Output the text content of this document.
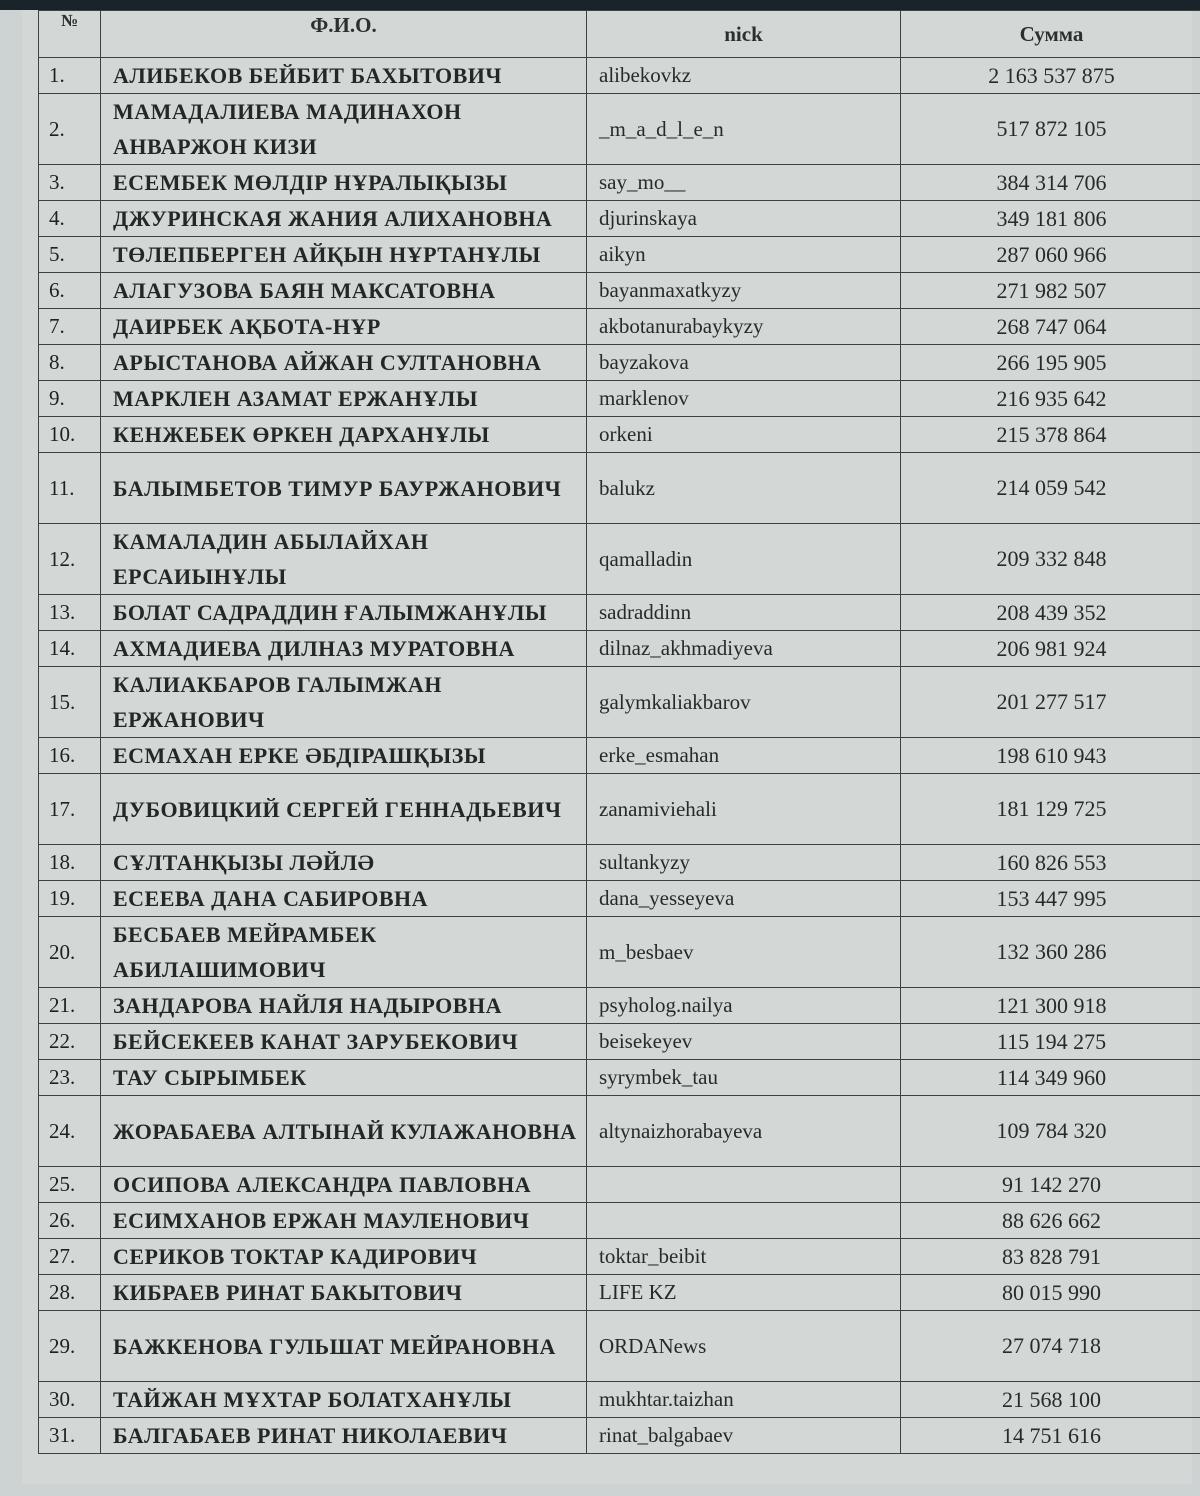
№	Ф.И.О.	nick	Сумма
1.	АЛИБЕКОВ БЕЙБИТ БАХЫТОВИЧ	alibekovkz	2 163 537 875
2.	МАМАДАЛИЕВА МАДИНАХОН АНВАРЖОН КИЗИ	_m_a_d_l_e_n	517 872 105
3.	ЕСЕМБЕК МӨЛДІР НҰРАЛЫҚЫЗЫ	say_mo__	384 314 706
4.	ДЖУРИНСКАЯ ЖАНИЯ АЛИХАНОВНА	djurinskaya	349 181 806
5.	ТӨЛЕПБЕРГЕН АЙҚЫН НҰРТАНҰЛЫ	aikyn	287 060 966
6.	АЛАГУЗОВА БАЯН МАКСАТОВНА	bayanmaxatkyzy	271 982 507
7.	ДАИРБЕК АҚБОТА-НҰР	akbotanurabaykyzy	268 747 064
8.	АРЫСТАНОВА АЙЖАН СУЛТАНОВНА	bayzakova	266 195 905
9.	МАРКЛЕН АЗАМАТ ЕРЖАНҰЛЫ	marklenov	216 935 642
10.	КЕНЖЕБЕК ӨРКЕН ДАРХАНҰЛЫ	orkeni	215 378 864
11.	БАЛЫМБЕТОВ ТИМУР БАУРЖАНОВИЧ	balukz	214 059 542
12.	КАМАЛАДИН АБЫЛАЙХАН ЕРСАИЫНҰЛЫ	qamalladin	209 332 848
13.	БОЛАТ САДРАДДИН ҒАЛЫМЖАНҰЛЫ	sadraddinn	208 439 352
14.	АХМАДИЕВА ДИЛНАЗ МУРАТОВНА	dilnaz_akhmadiyeva	206 981 924
15.	КАЛИАКБАРОВ ГАЛЫМЖАН ЕРЖАНОВИЧ	galymkaliakbarov	201 277 517
16.	ЕСМАХАН ЕРКЕ ӘБДІРАШҚЫЗЫ	erke_esmahan	198 610 943
17.	ДУБОВИЦКИЙ СЕРГЕЙ ГЕННАДЬЕВИЧ	zanamiviehali	181 129 725
18.	СҰЛТАНҚЫЗЫ ЛӘЙЛӘ	sultankyzy	160 826 553
19.	ЕСЕЕВА ДАНА САБИРОВНА	dana_yesseyeva	153 447 995
20.	БЕСБАЕВ МЕЙРАМБЕК АБИЛАШИМОВИЧ	m_besbaev	132 360 286
21.	ЗАНДАРОВА НАЙЛЯ НАДЫРОВНА	psyholog.nailya	121 300 918
22.	БЕЙСЕКЕЕВ КАНАТ ЗАРУБЕКОВИЧ	beisekeyev	115 194 275
23.	ТАУ СЫРЫМБЕК	syrymbek_tau	114 349 960
24.	ЖОРАБАЕВА АЛТЫНАЙ КУЛАЖАНОВНА	altynaizhorabayeva	109 784 320
25.	ОСИПОВА АЛЕКСАНДРА ПАВЛОВНА		91 142 270
26.	ЕСИМХАНОВ ЕРЖАН МАУЛЕНОВИЧ		88 626 662
27.	СЕРИКОВ ТОКТАР КАДИРОВИЧ	toktar_beibit	83 828 791
28.	КИБРАЕВ РИНАТ БАКЫТОВИЧ	LIFE KZ	80 015 990
29.	БАЖКЕНОВА ГУЛЬШАТ МЕЙРАНОВНА	ORDANews	27 074 718
30.	ТАЙЖАН МҰХТАР БОЛАТХАНҰЛЫ	mukhtar.taizhan	21 568 100
31.	БАЛГАБАЕВ РИНАТ НИКОЛАЕВИЧ	rinat_balgabaev	14 751 616
